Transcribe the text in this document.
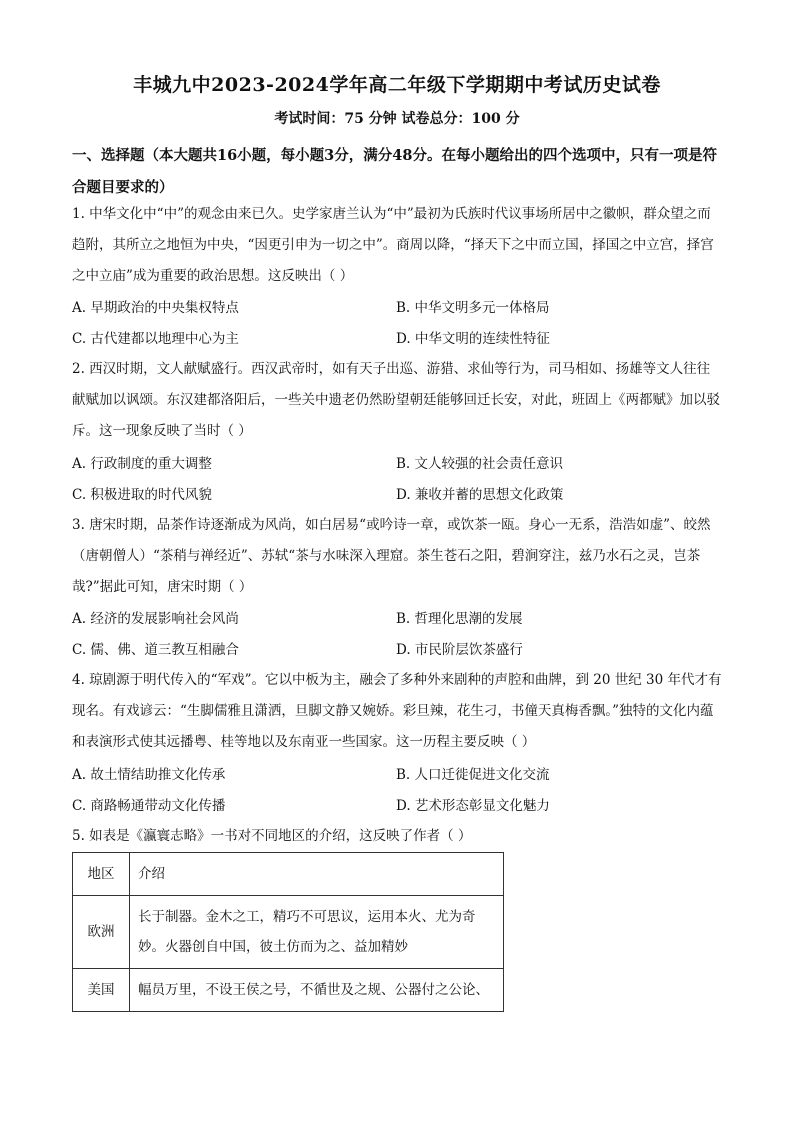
丰城九中2023-2024学年高二年级下学期期中考试历史试卷
考试时间：75 分钟 试卷总分：100 分
一、选择题（本大题共16小题，每小题3分，满分48分。在每小题给出的四个选项中，只有一项是符合题目要求的）
1. 中华文化中“中”的观念由来已久。史学家唐兰认为“中”最初为氏族时代议事场所居中之徽帜，群众望之而趋附，其所立之地恒为中央，“因更引申为一切之中”。商周以降，“择天下之中而立国，择国之中立宫，择宫之中立庙”成为重要的政治思想。这反映出（ ）
A. 早期政治的中央集权特点	B. 中华文明多元一体格局
C. 古代建都以地理中心为主	D. 中华文明的连续性特征
2. 西汉时期，文人献赋盛行。西汉武帝时，如有天子出巡、游猎、求仙等行为，司马相如、扬雄等文人往往献赋加以讽颂。东汉建都洛阳后，一些关中遗老仍然盼望朝廷能够回迁长安，对此，班固上《两都赋》加以驳斥。这一现象反映了当时（ ）
A. 行政制度的重大调整	B. 文人较强的社会责任意识
C. 积极进取的时代风貌	D. 兼收并蓄的思想文化政策
3. 唐宋时期，品茶作诗逐渐成为风尚，如白居易“或吟诗一章，或饮茶一瓯。身心一无系，浩浩如虚”、皎然（唐朝僧人）“茶稍与禅经近”、苏轼“茶与水味深入理窟。茶生苍石之阳，碧涧穿注，兹乃水石之灵，岂茶哉?”据此可知，唐宋时期（ ）
A. 经济的发展影响社会风尚	B. 哲理化思潮的发展
C. 儒、佛、道三教互相融合	D. 市民阶层饮茶盛行
4. 琼剧源于明代传入的“军戏”。它以中板为主，融会了多种外来剧种的声腔和曲牌，到 20 世纪 30 年代才有现名。有戏谚云：“生脚儒雅且潇洒，旦脚文静又婉娇。彩旦辣，花生刁，书僮天真梅香飘。”独特的文化内蕴和表演形式使其远播粤、桂等地以及东南亚一些国家。这一历程主要反映（ ）
A. 故土情结助推文化传承	B. 人口迁徙促进文化交流
C. 商路畅通带动文化传播	D. 艺术形态彰显文化魅力
5. 如表是《瀛寰志略》一书对不同地区的介绍，这反映了作者（ ）
地区	介绍
欧洲	长于制器。金木之工，精巧不可思议，运用本火、尤为奇妙。火器创自中国，彼土仿而为之、益加精妙
美国	幅员万里，不设王侯之号，不循世及之规、公器付之公论、
